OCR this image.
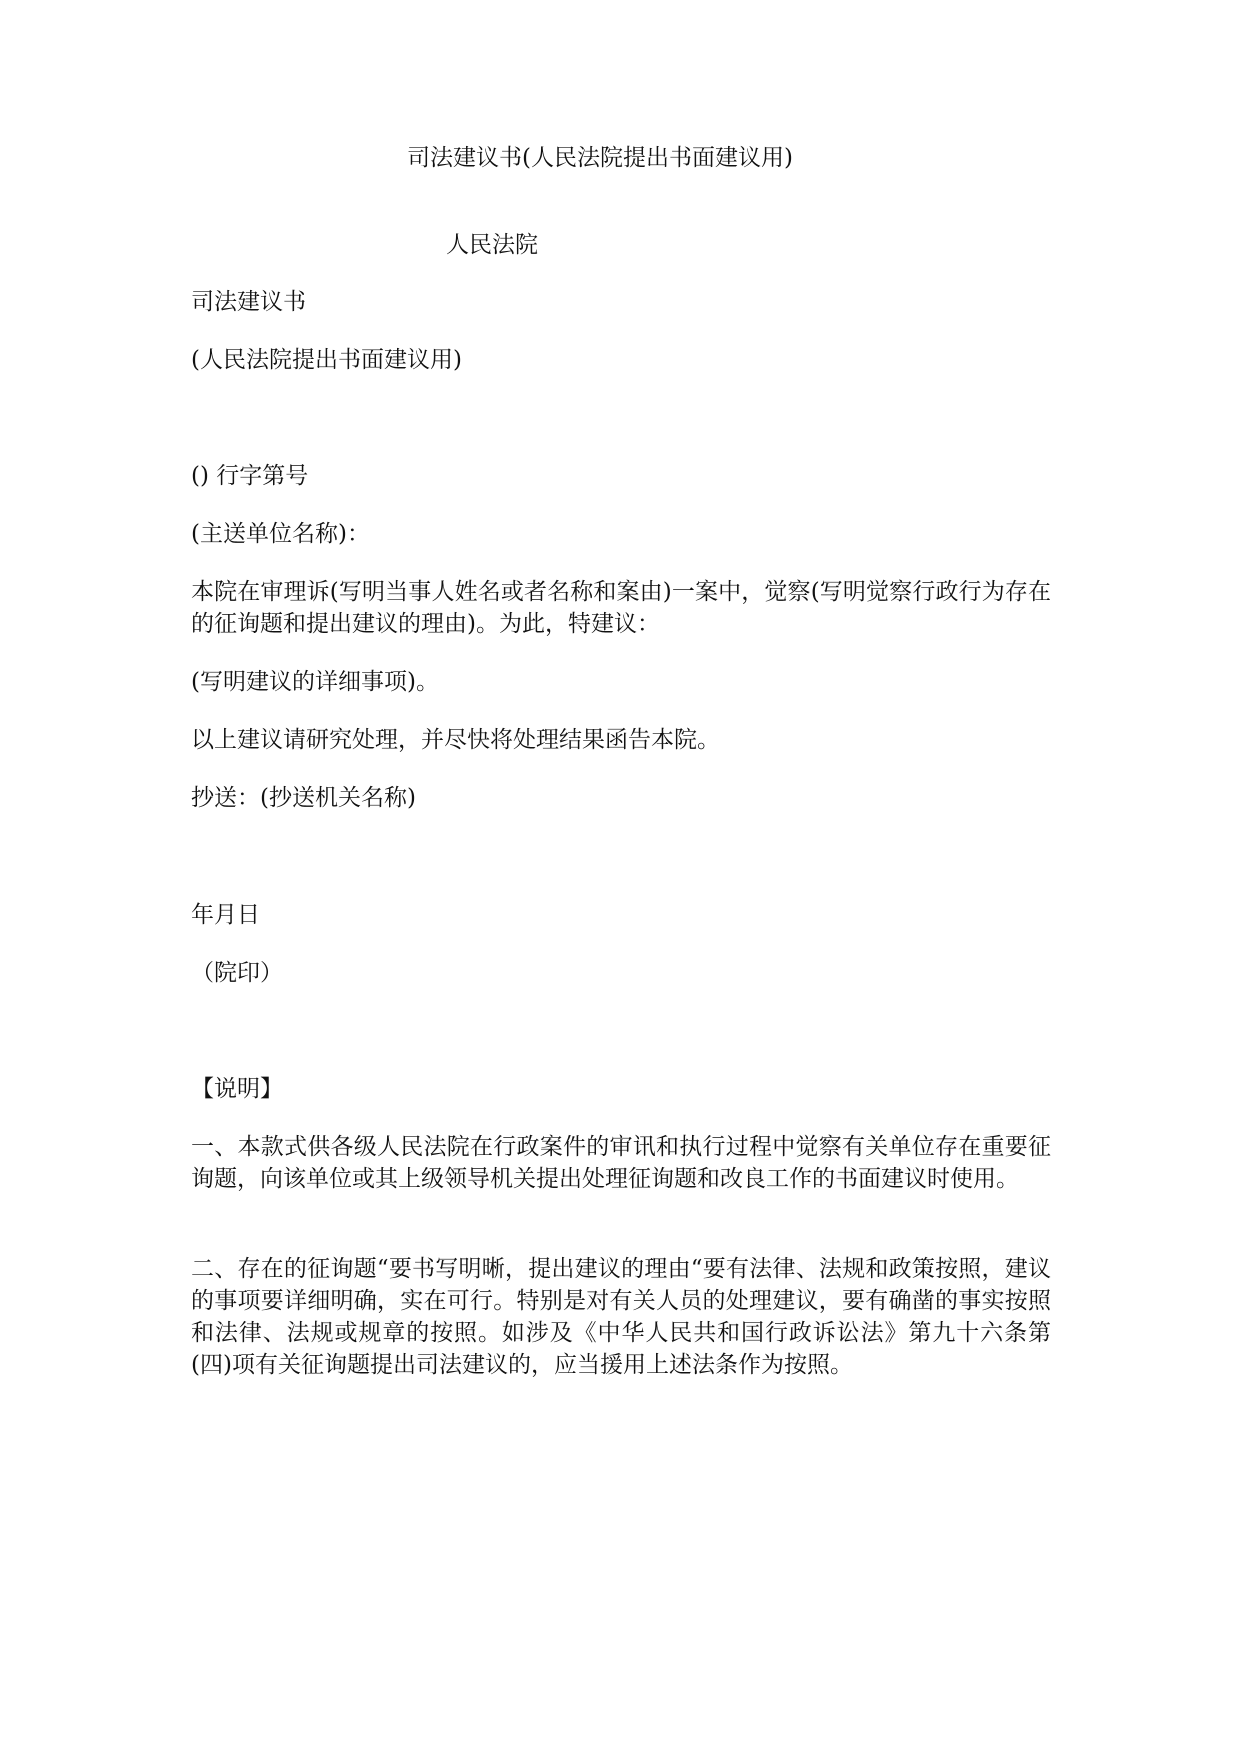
司法建议书(人民法院提出书面建议用)
人民法院
司法建议书
(人民法院提出书面建议用)
() 行字第号
(主送单位名称)：

本院在审理诉(写明当事人姓名或者名称和案由)一案中，觉察(写明觉察行政行为存在的征询题和提出建议的理由)。为此，特建议：

(写明建议的详细事项)。
以上建议请研究处理，并尽快将处理结果函告本院。
抄送：(抄送机关名称)
年月日
（院印）
【说明】

一、本款式供各级人民法院在行政案件的审讯和执行过程中觉察有关单位存在重要征询题，向该单位或其上级领导机关提出处理征询题和改良工作的书面建议时使用。

二、存在的征询题“要书写明晰，提出建议的理由“要有法律、法规和政策按照，建议的事项要详细明确，实在可行。特别是对有关人员的处理建议，要有确凿的事实按照和法律、法规或规章的按照。如涉及《中华人民共和国行政诉讼法》第九十六条第(四)项有关征询题提出司法建议的，应当援用上述法条作为按照。
